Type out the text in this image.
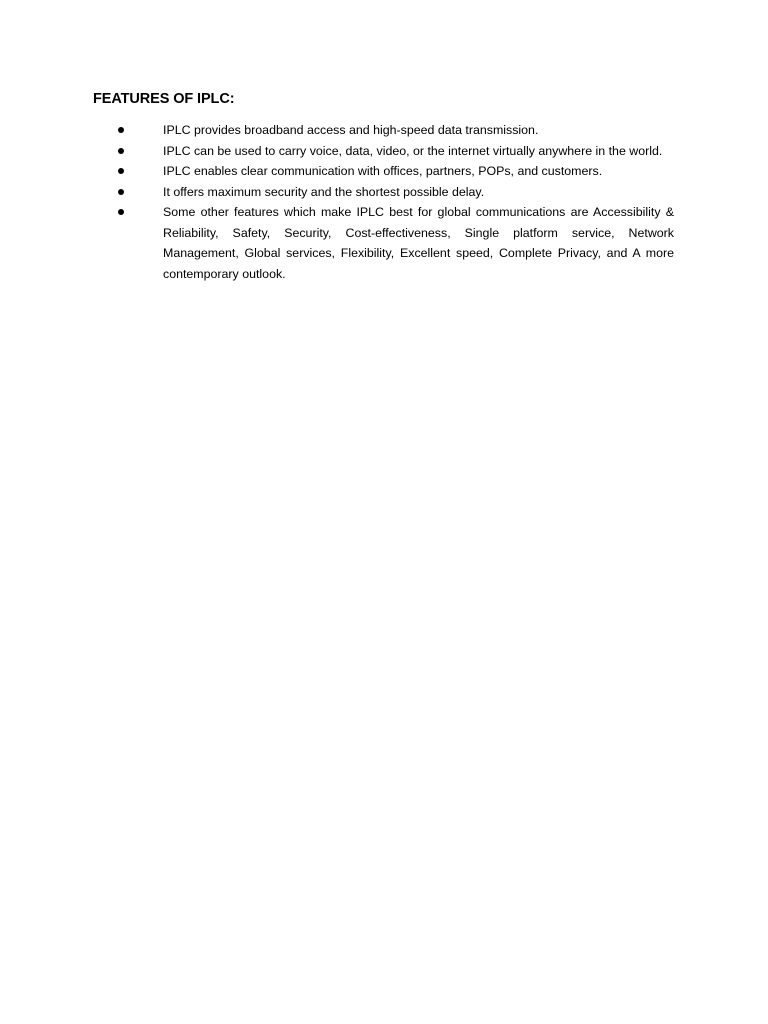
FEATURES OF IPLC:
IPLC provides broadband access and high-speed data transmission.
IPLC can be used to carry voice, data, video, or the internet virtually anywhere in the world.
IPLC enables clear communication with offices, partners, POPs, and customers.
It offers maximum security and the shortest possible delay.
Some other features which make IPLC best for global communications are Accessibility & Reliability, Safety, Security, Cost-effectiveness, Single platform service, Network Management, Global services, Flexibility, Excellent speed, Complete Privacy, and A more contemporary outlook.
